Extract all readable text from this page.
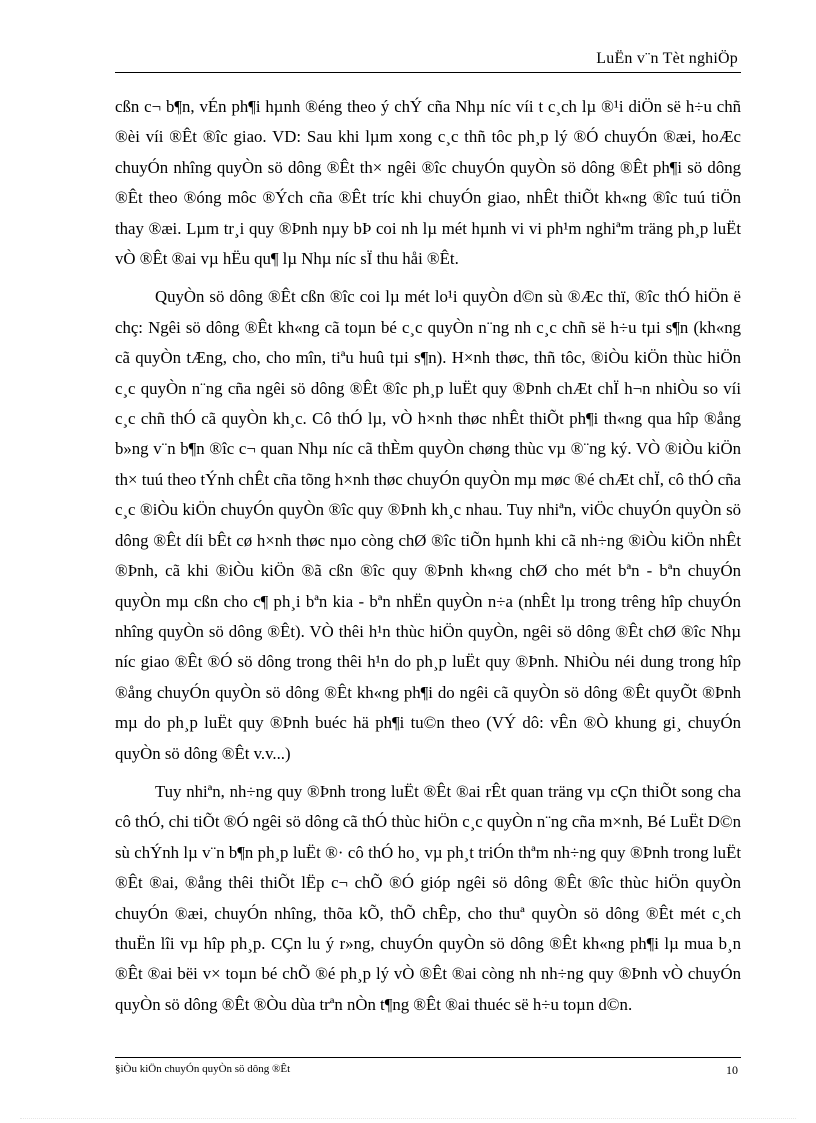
LuËn v¨n Tèt nghiÖp

cßn c¬ b¶n, vÉn ph¶i hµnh ®éng theo ý chÝ cña Nhµ níc víi t c¸ch lµ ®¹i diÖn së h÷u chñ ®èi víi ®Êt ®îc giao. VD: Sau khi lµm xong c¸c thñ tôc ph¸p lý ®Ó chuyÓn ®æi, hoÆc chuyÓn nhîng quyÒn sö dông ®Êt th× ngêi ®îc chuyÓn quyÒn sö dông ®Êt ph¶i sö dông ®Êt theo ®óng môc ®Ých cña ®Êt tríc khi chuyÓn giao, nhÊt thiÕt kh«ng ®îc tuú tiÖn thay ®æi. Lµm tr¸i quy ®Þnh nµy bÞ coi nh lµ mét hµnh vi vi ph¹m nghiªm träng ph¸p luËt vÒ ®Êt ®ai vµ hËu qu¶ lµ Nhµ níc sÏ thu håi ®Êt.

QuyÒn sö dông ®Êt cßn ®îc coi lµ mét lo¹i quyÒn d©n sù ®Æc thï, ®îc thÓ hiÖn ë chç: Ngêi sö dông ®Êt kh«ng cã toµn bé c¸c quyÒn n¨ng nh c¸c chñ së h÷u tµi s¶n (kh«ng cã quyÒn tÆng, cho, cho mîn, tiªu huû tµi s¶n). H×nh thøc, thñ tôc, ®iÒu kiÖn thùc hiÖn c¸c quyÒn n¨ng cña ngêi sö dông ®Êt ®îc ph¸p luËt quy ®Þnh chÆt chÏ h¬n nhiÒu so víi c¸c chñ thÓ cã quyÒn kh¸c. Cô thÓ lµ, vÒ h×nh thøc nhÊt thiÕt ph¶i th«ng qua hîp ®ång b»ng v¨n b¶n ®îc c¬ quan Nhµ níc cã thÈm quyÒn chøng thùc vµ ®¨ng ký. VÒ ®iÒu kiÖn th× tuú theo tÝnh chÊt cña tõng h×nh thøc chuyÓn quyÒn mµ møc ®é chÆt chÏ, cô thÓ cña c¸c ®iÒu kiÖn chuyÓn quyÒn ®îc quy ®Þnh kh¸c nhau. Tuy nhiªn, viÖc chuyÓn quyÒn sö dông ®Êt díi bÊt cø h×nh thøc nµo còng chØ ®îc tiÕn hµnh khi cã nh÷ng ®iÒu kiÖn nhÊt ®Þnh, cã khi ®iÒu kiÖn ®ã cßn ®îc quy ®Þnh kh«ng chØ cho mét bªn - bªn chuyÓn quyÒn mµ cßn cho c¶ ph¸i bªn kia - bªn nhËn quyÒn n÷a (nhÊt lµ trong trêng hîp chuyÓn nhîng quyÒn sö dông ®Êt). VÒ thêi h¹n thùc hiÖn quyÒn, ngêi sö dông ®Êt chØ ®îc Nhµ níc giao ®Êt ®Ó sö dông trong thêi h¹n do ph¸p luËt quy ®Þnh. NhiÒu néi dung trong hîp ®ång chuyÓn quyÒn sö dông ®Êt kh«ng ph¶i do ngêi cã quyÒn sö dông ®Êt quyÕt ®Þnh mµ do ph¸p luËt quy ®Þnh buéc hä ph¶i tu©n theo (VÝ dô: vÊn ®Ò khung gi¸ chuyÓn quyÒn sö dông ®Êt v.v...)

Tuy nhiªn, nh÷ng quy ®Þnh trong luËt ®Êt ®ai rÊt quan träng vµ cÇn thiÕt song cha cô thÓ, chi tiÕt ®Ó ngêi sö dông cã thÓ thùc hiÖn c¸c quyÒn n¨ng cña m×nh, Bé LuËt D©n sù chÝnh lµ v¨n b¶n ph¸p luËt ®· cô thÓ ho¸ vµ ph¸t triÓn thªm nh÷ng quy ®Þnh trong luËt ®Êt ®ai, ®ång thêi thiÕt lËp c¬ chÕ ®Ó gióp ngêi sö dông ®Êt ®îc thùc hiÖn quyÒn chuyÓn ®æi, chuyÓn nhîng, thõa kÕ, thÕ chÊp, cho thuª quyÒn sö dông ®Êt mét c¸ch thuËn lîi vµ hîp ph¸p. CÇn lu ý r»ng, chuyÓn quyÒn sö dông ®Êt kh«ng ph¶i lµ mua b¸n ®Êt ®ai bëi v× toµn bé chÕ ®é ph¸p lý vÒ ®Êt ®ai còng nh nh÷ng quy ®Þnh vÒ chuyÓn quyÒn sö dông ®Êt ®Òu dùa trªn nÒn t¶ng ®Êt ®ai thuéc së h÷u toµn d©n.

§iÒu kiÖn chuyÓn quyÒn sö dông ®Êt	10
